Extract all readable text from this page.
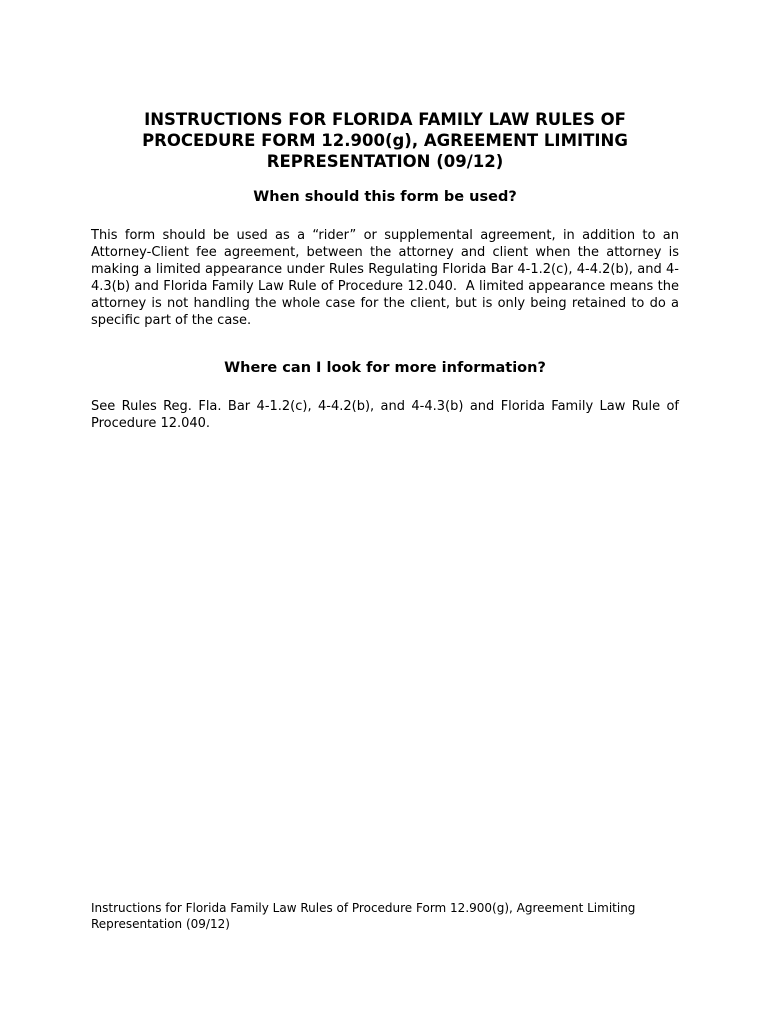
INSTRUCTIONS FOR FLORIDA FAMILY LAW RULES OF
PROCEDURE FORM 12.900(g), AGREEMENT LIMITING
REPRESENTATION (09/12)
When should this form be used?

This form should be used as a “rider” or supplemental agreement, in addition to an Attorney-Client fee agreement, between the attorney and client when the attorney is making a limited appearance under Rules Regulating Florida Bar 4-1.2(c), 4-4.2(b), and 4-4.3(b) and Florida Family Law Rule of Procedure 12.040.  A limited appearance means the attorney is not handling the whole case for the client, but is only being retained to do a specific part of the case.

Where can I look for more information?

See Rules Reg. Fla. Bar 4-1.2(c), 4-4.2(b), and 4-4.3(b) and Florida Family Law Rule of Procedure 12.040.

Instructions for Florida Family Law Rules of Procedure Form 12.900(g), Agreement Limiting
Representation (09/12)
